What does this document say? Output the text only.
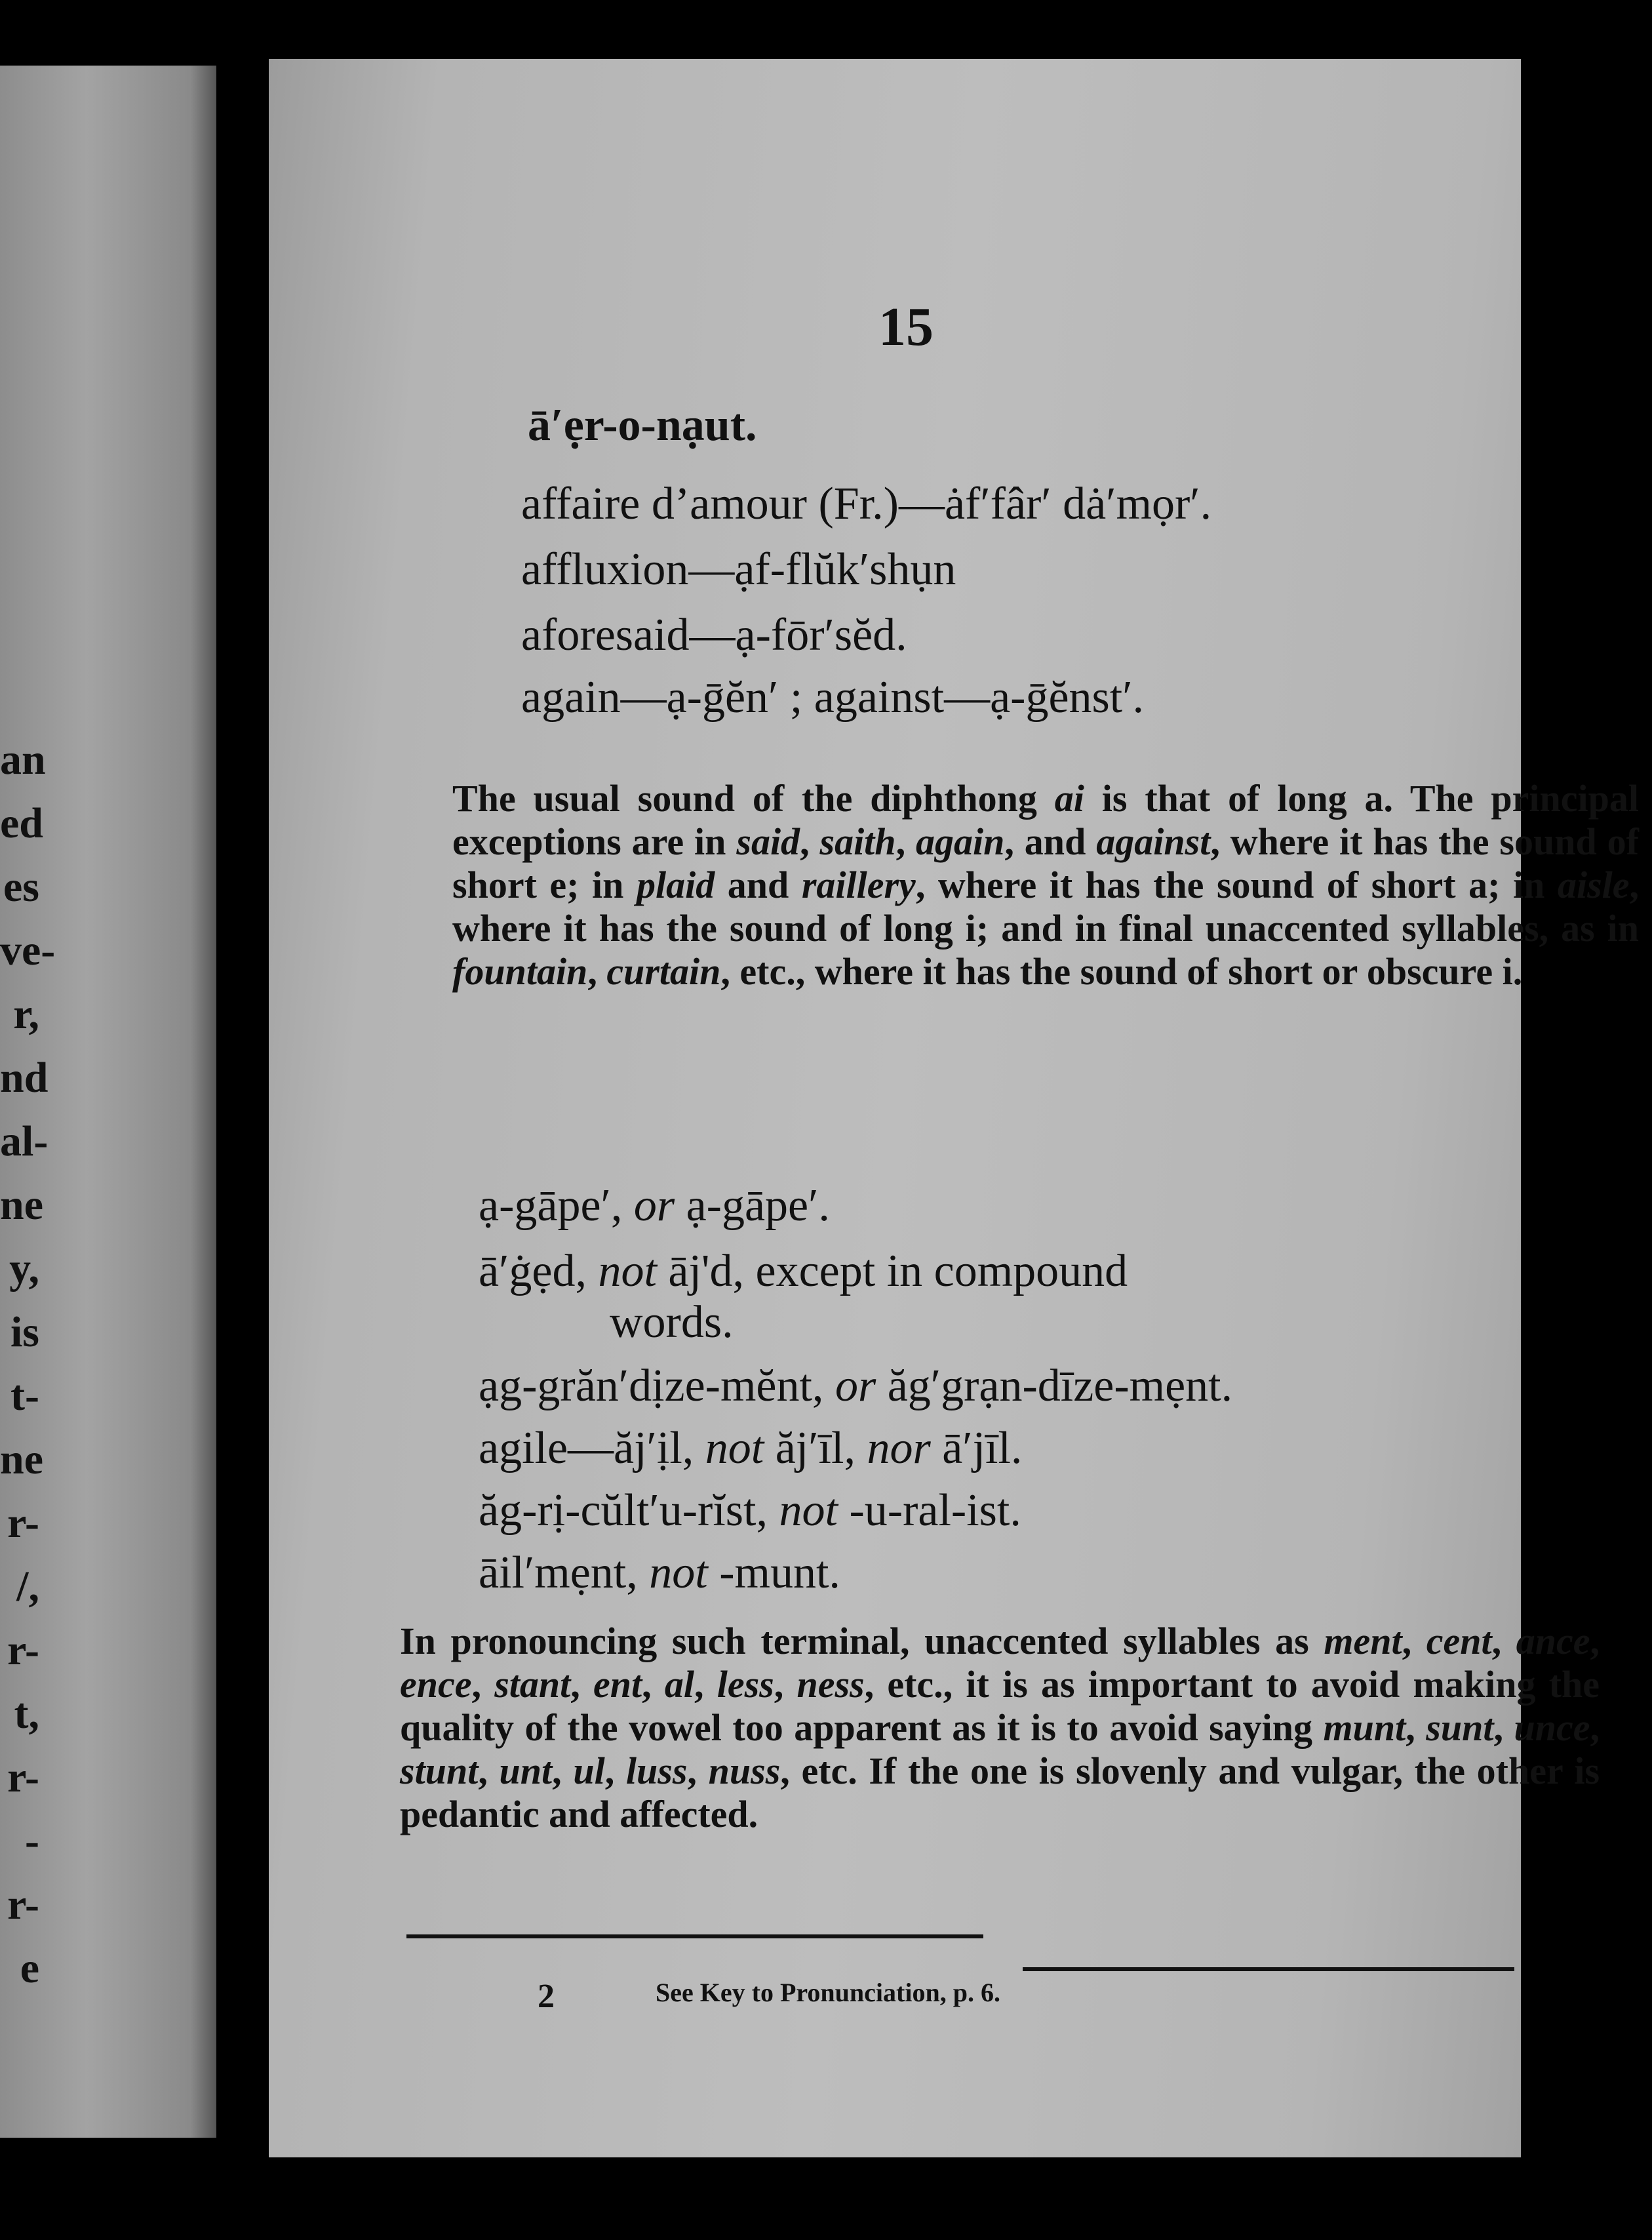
an
ed
es
ve-
r,
nd
al-
ne
y,
is
t-
ne
r-
/,
r-
t,
r-
-
r-
e
15
ā′ẹr-o-nạut.
affaire d’amour (Fr.)—ȧf′fâr′ dȧ′mọr′.
affluxion—ạf-flŭk′shụn
aforesaid—ạ-fōr′sĕd.
again—ạ-ḡĕn′ ; against—ạ-ḡĕnst′.

The usual sound of the diphthong ai is that of long a. The principal exceptions are in said, saith, again, and against, where it has the sound of short e; in plaid and raillery, where it has the sound of short a; in aisle, where it has the sound of long i; and in final unaccented syllables, as in fountain, curtain, etc., where it has the sound of short or obscure i.

ạ-gāpe′, or ạ-gāpe′.
ā′ġẹd, not āj'd, except in compound
words.
ạg-grăn′dịze-mĕnt, or ăg′grạn-dīze-mẹnt.
agile—ăj′ịl, not ăj′īl, nor ā′jīl.
ăg-rị-cŭlt′u-rĭst, not -u-ral-ist.
āil′mẹnt, not -munt.

In pronouncing such terminal, unaccented syllables as ment, cent, ance, ence, stant, ent, al, less, ness, etc., it is as important to avoid making the quality of the vowel too apparent as it is to avoid saying munt, sunt, unce, stunt, unt, ul, luss, nuss, etc. If the one is slovenly and vulgar, the other is pedantic and affected.

2	See Key to Pronunciation, p. 6.
